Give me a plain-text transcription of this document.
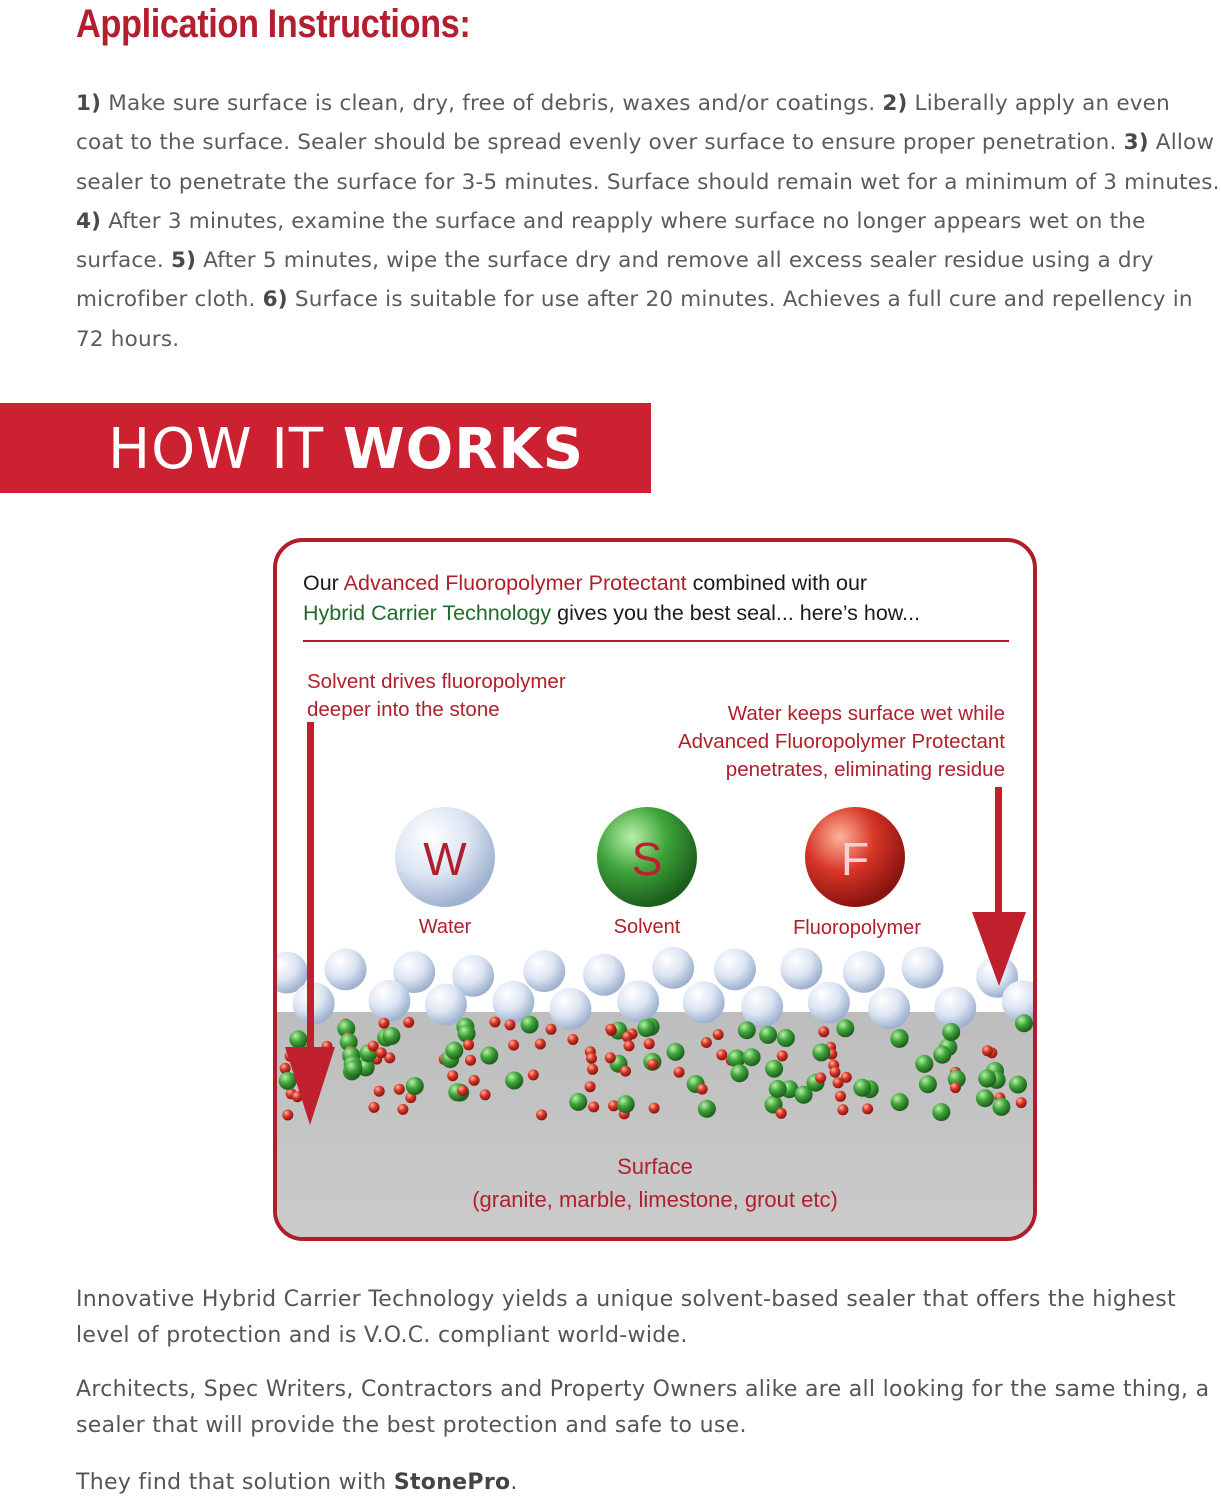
Application Instructions:

1) Make sure surface is clean, dry, free of debris, waxes and/or coatings. 2) Liberally apply an even coat to the surface. Sealer should be spread evenly over surface to ensure proper penetration. 3) Allow sealer to penetrate the surface for 3-5 minutes. Surface should remain wet for a minimum of 3 minutes. 4) After 3 minutes, examine the surface and reapply where surface no longer appears wet on the surface. 5) After 5 minutes, wipe the surface dry and remove all excess sealer residue using a dry microfiber cloth. 6) Surface is suitable for use after 20 minutes. Achieves a full cure and repellency in 72 hours.

HOW IT WORKS
W	S	F
Our Advanced Fluoropolymer Protectant combined with our
Hybrid Carrier Technology gives you the best seal... here’s how...
Solvent drives fluoropolymer
deeper into the stone	Water keeps surface wet while
Advanced Fluoropolymer Protectant
penetrates, eliminating residue
Water	Solvent	Fluoropolymer
Surface
(granite, marble, limestone, grout etc)

Innovative Hybrid Carrier Technology yields a unique solvent-based sealer that offers the highest level of protection and is V.O.C. compliant world-wide.

Architects, Spec Writers, Contractors and Property Owners alike are all looking for the same thing, a sealer that will provide the best protection and safe to use.

They find that solution with StonePro.
